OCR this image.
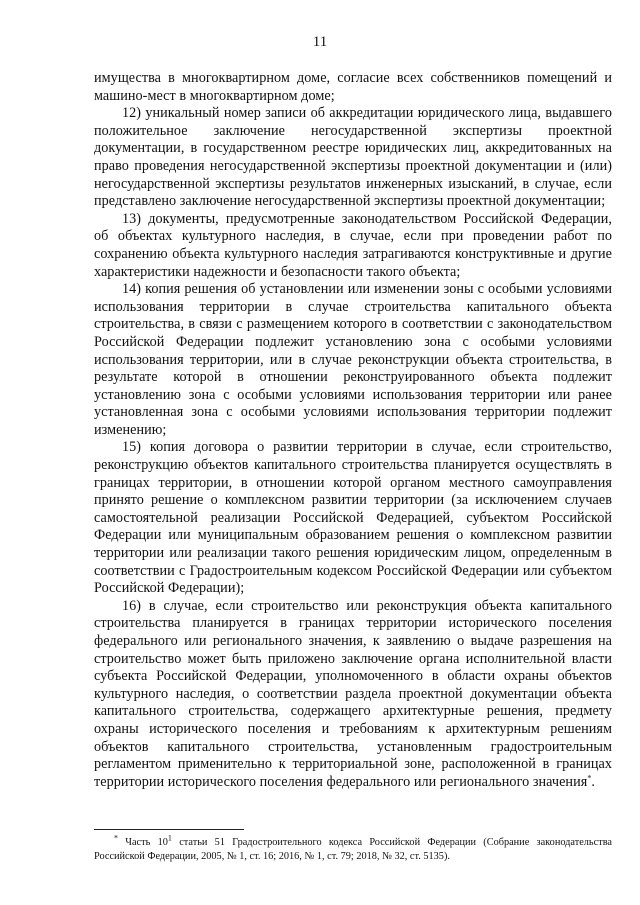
11

имущества в многоквартирном доме, согласие всех собственников помещений и машино-мест в многоквартирном доме;

12) уникальный номер записи об аккредитации юридического лица, выдавшего положительное заключение негосударственной экспертизы проектной документации, в государственном реестре юридических лиц, аккредитованных на право проведения негосударственной экспертизы проектной документации и (или) негосударственной экспертизы результатов инженерных изысканий, в случае, если представлено заключение негосударственной экспертизы проектной документации;

13) документы, предусмотренные законодательством Российской Федерации, об объектах культурного наследия, в случае, если при проведении работ по сохранению объекта культурного наследия затрагиваются конструктивные и другие характеристики надежности и безопасности такого объекта;

14) копия решения об установлении или изменении зоны с особыми условиями использования территории в случае строительства капитального объекта строительства, в связи с размещением которого в соответствии с законодательством Российской Федерации подлежит установлению зона с особыми условиями использования территории, или в случае реконструкции объекта строительства, в результате которой в отношении реконструированного объекта подлежит установлению зона с особыми условиями использования территории или ранее установленная зона с особыми условиями использования территории подлежит изменению;

15) копия договора о развитии территории в случае, если строительство, реконструкцию объектов капитального строительства планируется осуществлять в границах территории, в отношении которой органом местного самоуправления принято решение о комплексном развитии территории (за исключением случаев самостоятельной реализации Российской Федерацией, субъектом Российской Федерации или муниципальным образованием решения о комплексном развитии территории или реализации такого решения юридическим лицом, определенным в соответствии с Градостроительным кодексом Российской Федерации или субъектом Российской Федерации);

16) в случае, если строительство или реконструкция объекта капитального строительства планируется в границах территории исторического поселения федерального или регионального значения, к заявлению о выдаче разрешения на строительство может быть приложено заключение органа исполнительной власти субъекта Российской Федерации, уполномоченного в области охраны объектов культурного наследия, о соответствии раздела проектной документации объекта капитального строительства, содержащего архитектурные решения, предмету охраны исторического поселения и требованиям к архитектурным решениям объектов капитального строительства, установленным градостроительным регламентом применительно к территориальной зоне, расположенной в границах территории исторического поселения федерального или регионального значения*.

* Часть $10^1$ статьи 51 Градостроительного кодекса Российской Федерации (Собрание законодательства Российской Федерации, 2005, № 1, ст. 16; 2016, № 1, ст. 79; 2018, № 32, ст. 5135).
